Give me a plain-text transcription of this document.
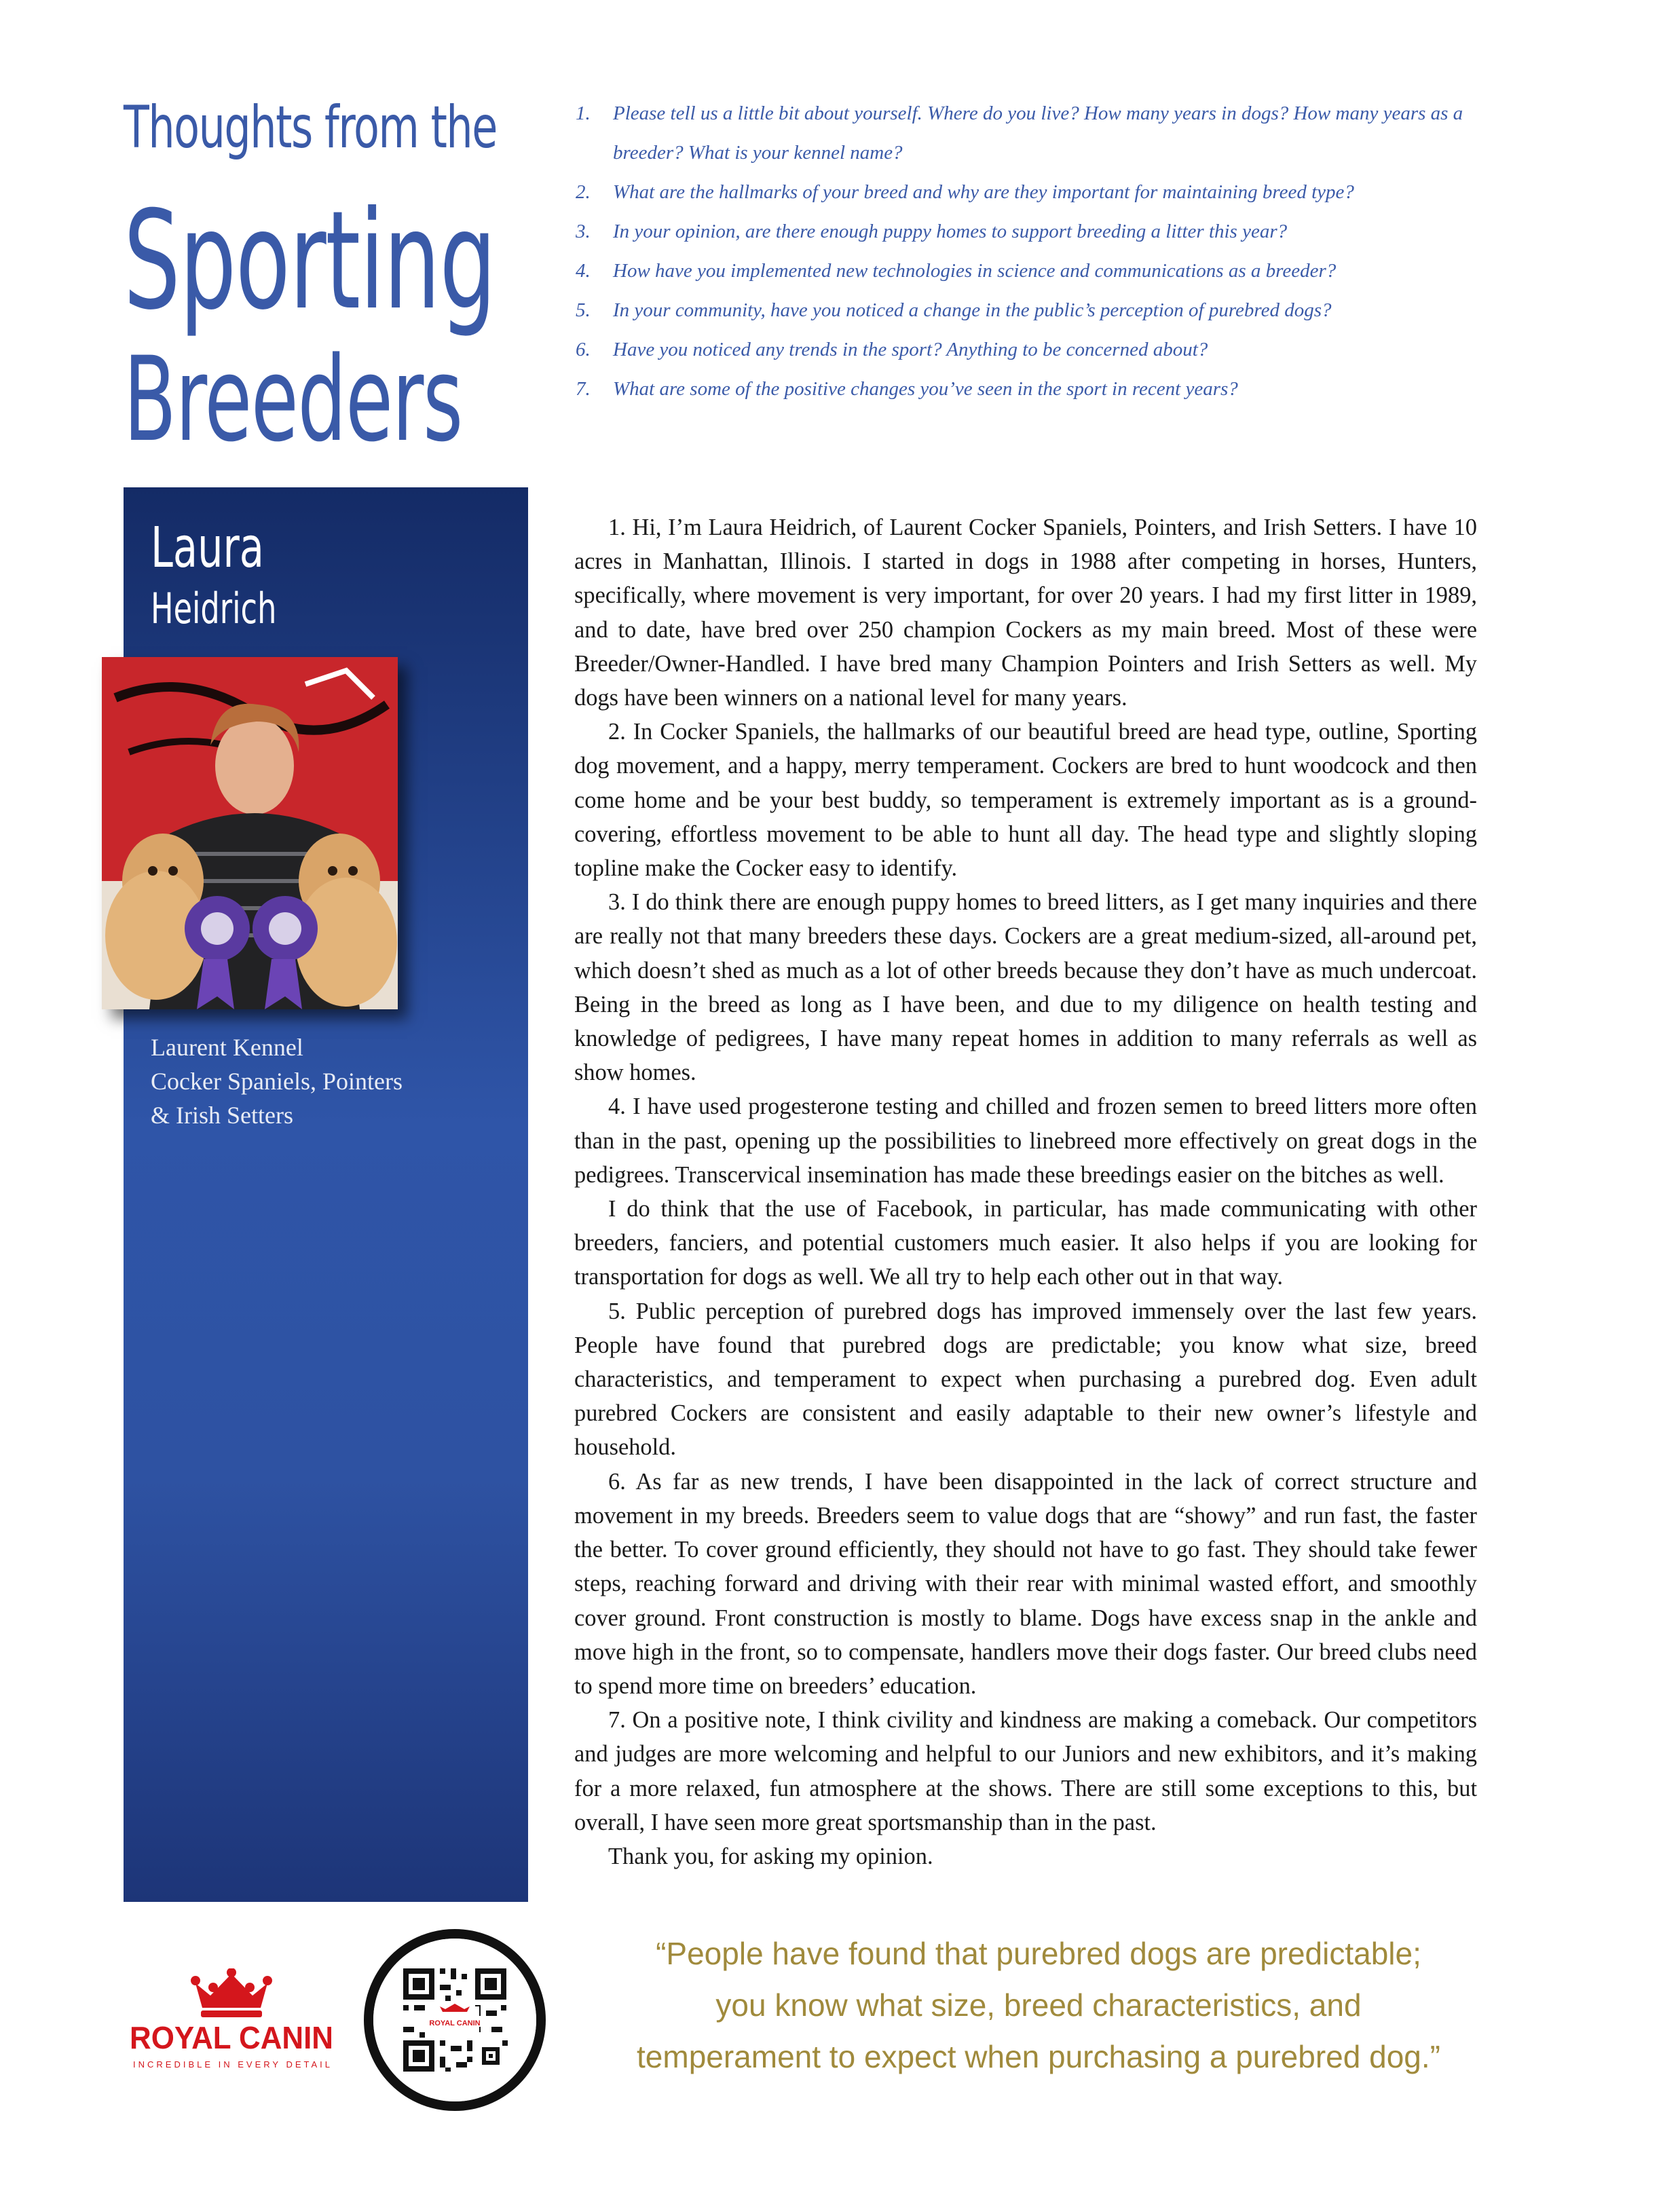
Thoughts from the
Sporting
Breeders
1. Please tell us a little bit about yourself. Where do you live? How many years in dogs? How many years as a breeder? What is your kennel name?
2. What are the hallmarks of your breed and why are they important for maintaining breed type?
3. In your opinion, are there enough puppy homes to support breeding a litter this year?
4. How have you implemented new technologies in science and communications as a breeder?
5. In your community, have you noticed a change in the public’s perception of purebred dogs?
6. Have you noticed any trends in the sport? Anything to be concerned about?
7. What are some of the positive changes you’ve seen in the sport in recent years?
Laura
Heidrich
Laurent Kennel
Cocker Spaniels, Pointers
& Irish Setters

1. Hi, I’m Laura Heidrich, of Laurent Cocker Spaniels, Pointers, and Irish Setters. I have 10 acres in Manhattan, Illinois. I started in dogs in 1988 after competing in horses, Hunters, specifically, where movement is very important, for over 20 years. I had my first litter in 1989, and to date, have bred over 250 champion Cockers as my main breed. Most of these were Breeder/Owner-Handled. I have bred many Champion Pointers and Irish Setters as well. My dogs have been winners on a national level for many years.

2. In Cocker Spaniels, the hallmarks of our beautiful breed are head type, outline, Sporting dog movement, and a happy, merry temperament. Cockers are bred to hunt woodcock and then come home and be your best buddy, so temperament is extremely important as is a ground-covering, effortless movement to be able to hunt all day. The head type and slightly sloping topline make the Cocker easy to identify.

3. I do think there are enough puppy homes to breed litters, as I get many inquiries and there are really not that many breeders these days. Cockers are a great medium-sized, all-around pet, which doesn’t shed as much as a lot of other breeds because they don’t have as much undercoat. Being in the breed as long as I have been, and due to my diligence on health testing and knowledge of pedigrees, I have many repeat homes in addition to many referrals as well as show homes.

4. I have used progesterone testing and chilled and frozen semen to breed litters more often than in the past, opening up the possibilities to linebreed more effectively on great dogs in the pedigrees. Transcervical insemination has made these breedings easier on the bitches as well.

I do think that the use of Facebook, in particular, has made communicating with other breeders, fanciers, and potential customers much easier. It also helps if you are looking for transportation for dogs as well. We all try to help each other out in that way.

5. Public perception of purebred dogs has improved immensely over the last few years. People have found that purebred dogs are predictable; you know what size, breed characteristics, and temperament to expect when purchasing a purebred dog. Even adult purebred Cockers are consistent and easily adaptable to their new owner’s lifestyle and household.

6. As far as new trends, I have been disappointed in the lack of correct structure and movement in my breeds. Breeders seem to value dogs that are “showy” and run fast, the faster the better. To cover ground efficiently, they should not have to go fast. They should take fewer steps, reaching forward and driving with their rear with minimal wasted effort, and smoothly cover ground. Front construction is mostly to blame. Dogs have excess snap in the ankle and move high in the front, so to compensate, handlers move their dogs faster. Our breed clubs need to spend more time on breeders’ education.

7. On a positive note, I think civility and kindness are making a comeback. Our competitors and judges are more welcoming and helpful to our Juniors and new exhibitors, and it’s making for a more relaxed, fun atmosphere at the shows. There are still some exceptions to this, but overall, I have seen more great sportsmanship than in the past.

Thank you, for asking my opinion.

“People have found that purebred dogs are predictable;
you know what size, breed characteristics, and
temperament to expect when purchasing a purebred dog.”
ROYAL CANIN
INCREDIBLE IN EVERY DETAIL
ROYAL CANIN
